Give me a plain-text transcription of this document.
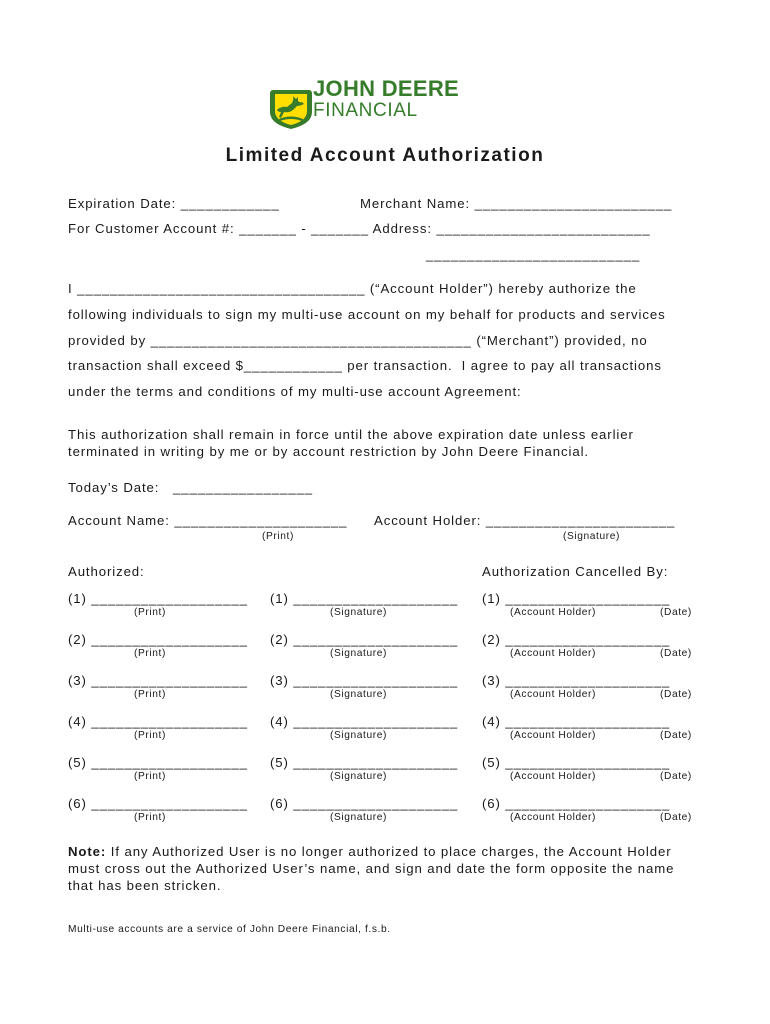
JOHN DEERE
FINANCIAL
Limited Account Authorization
Expiration Date: ____________	Merchant Name: ________________________
For Customer Account #: _______ - _______ Address: __________________________
__________________________
I ___________________________________ (“Account Holder”) hereby authorize the
following individuals to sign my multi-use account on my behalf for products and services
provided by _______________________________________ (“Merchant”) provided, no
transaction shall exceed $____________ per transaction.  I agree to pay all transactions
under the terms and conditions of my multi-use account Agreement:
This authorization shall remain in force until the above expiration date unless earlier
terminated in writing by me or by account restriction by John Deere Financial.
Today’s Date:   _________________
Account Name: _____________________ Account Holder: _______________________
(Print)	(Signature)
Authorized:	Authorization Cancelled By:
(1) ___________________ (1) ____________________ (1) ____________________
(Print)	(Signature)	(Account Holder)	(Date)
(2) ___________________ (2) ____________________ (2) ____________________
(Print)	(Signature)	(Account Holder)	(Date)
(3) ___________________ (3) ____________________ (3) ____________________
(Print)	(Signature)	(Account Holder)	(Date)
(4) ___________________ (4) ____________________ (4) ____________________
(Print)	(Signature)	(Account Holder)	(Date)
(5) ___________________ (5) ____________________ (5) ____________________
(Print)	(Signature)	(Account Holder)	(Date)
(6) ___________________ (6) ____________________ (6) ____________________
(Print)	(Signature)	(Account Holder)	(Date)
Note: If any Authorized User is no longer authorized to place charges, the Account Holder
must cross out the Authorized User’s name, and sign and date the form opposite the name
that has been stricken.
Multi-use accounts are a service of John Deere Financial, f.s.b.
